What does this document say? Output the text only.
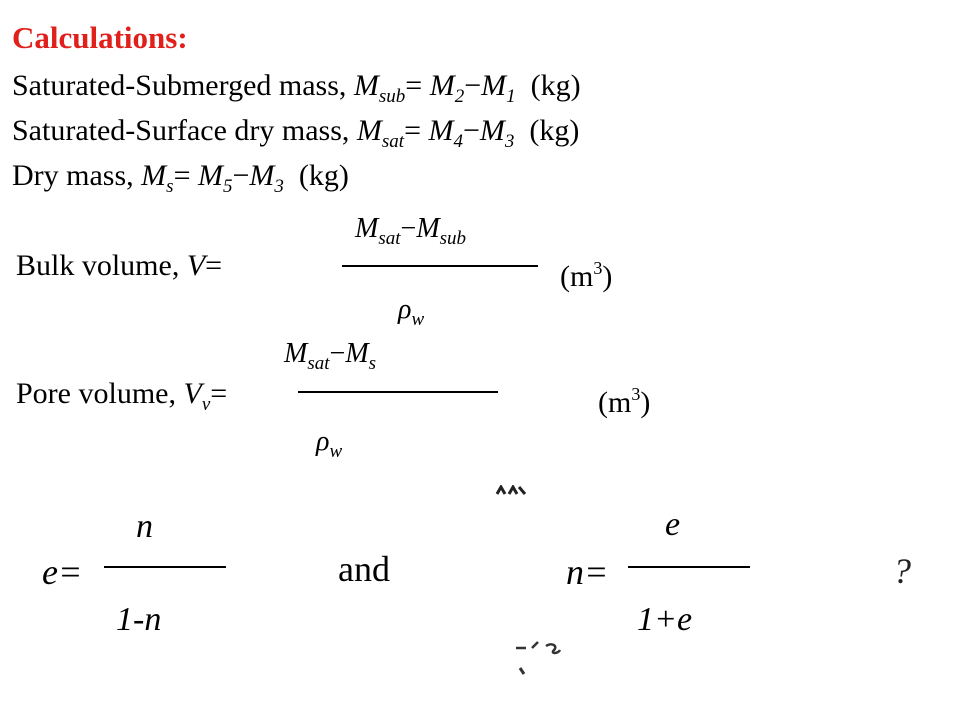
Calculations:
Saturated-Submerged mass, $M_{sub}= M_2-M_1$  (kg)
Saturated-Surface dry mass, $M_{sat}= M_4-M_3$  (kg)
Dry mass, $M_s= M_5-M_3$  (kg)
Bulk volume, V=
$M_{sat}-M_{sub}$
$\rho_w$
$(m^3)$
Pore volume, $V_v=$
$M_{sat}-M_s$
$\rho_w$
$(m^3)$
e=
n
1-n
and	n=
e
1+e
?
